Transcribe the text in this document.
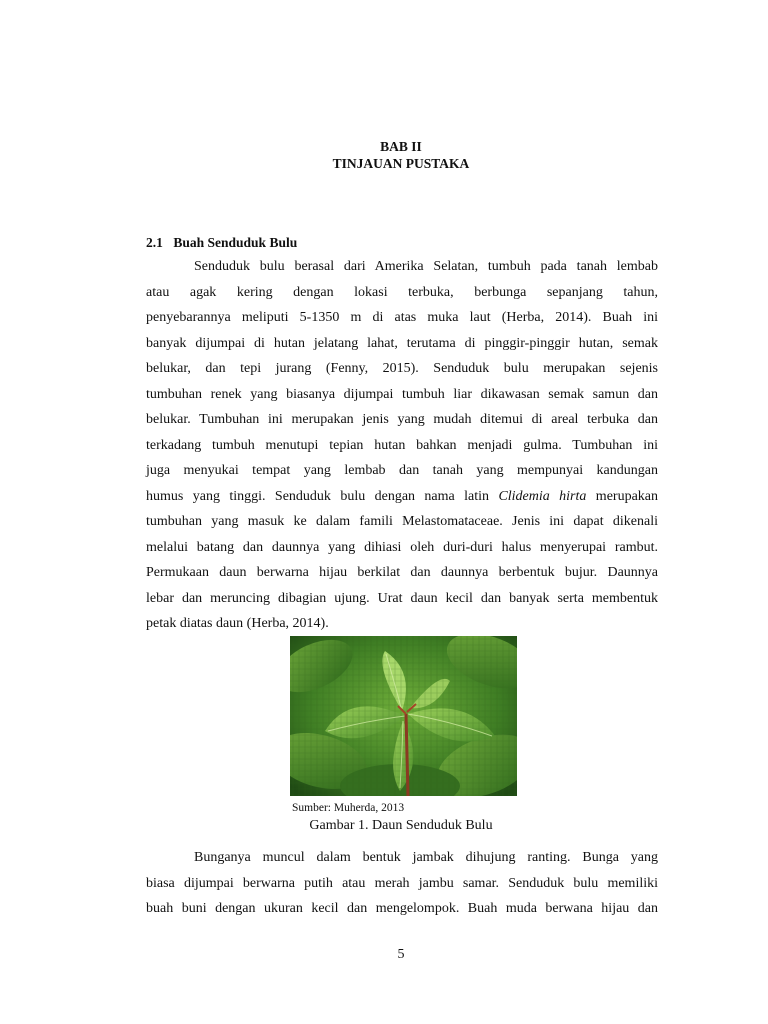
BAB II
TINJAUAN PUSTAKA
2.1 Buah Senduduk Bulu
Senduduk bulu berasal dari Amerika Selatan, tumbuh pada tanah lembab
atau agak kering dengan lokasi terbuka, berbunga sepanjang tahun,
penyebarannya meliputi 5-1350 m di atas muka laut (Herba, 2014). Buah ini
banyak dijumpai di hutan jelatang lahat, terutama di pinggir-pinggir hutan, semak
belukar, dan tepi jurang (Fenny, 2015). Senduduk bulu merupakan sejenis
tumbuhan renek yang biasanya dijumpai tumbuh liar dikawasan semak samun dan
belukar. Tumbuhan ini merupakan jenis yang mudah ditemui di areal terbuka dan
terkadang tumbuh menutupi tepian hutan bahkan menjadi gulma. Tumbuhan ini
juga menyukai tempat yang lembab dan tanah yang mempunyai kandungan
humus yang tinggi. Senduduk bulu dengan nama latin Clidemia hirta merupakan
tumbuhan yang masuk ke dalam famili Melastomataceae. Jenis ini dapat dikenali
melalui batang dan daunnya yang dihiasi oleh duri-duri halus menyerupai rambut.
Permukaan daun berwarna hijau berkilat dan daunnya berbentuk bujur. Daunnya
lebar dan meruncing dibagian ujung. Urat daun kecil dan banyak serta membentuk
petak diatas daun (Herba, 2014).
Sumber: Muherda, 2013
Gambar 1. Daun Senduduk Bulu
Bunganya muncul dalam bentuk jambak dihujung ranting. Bunga yang
biasa dijumpai berwarna putih atau merah jambu samar. Senduduk bulu memiliki
buah buni dengan ukuran kecil dan mengelompok. Buah muda berwana hijau dan
5
